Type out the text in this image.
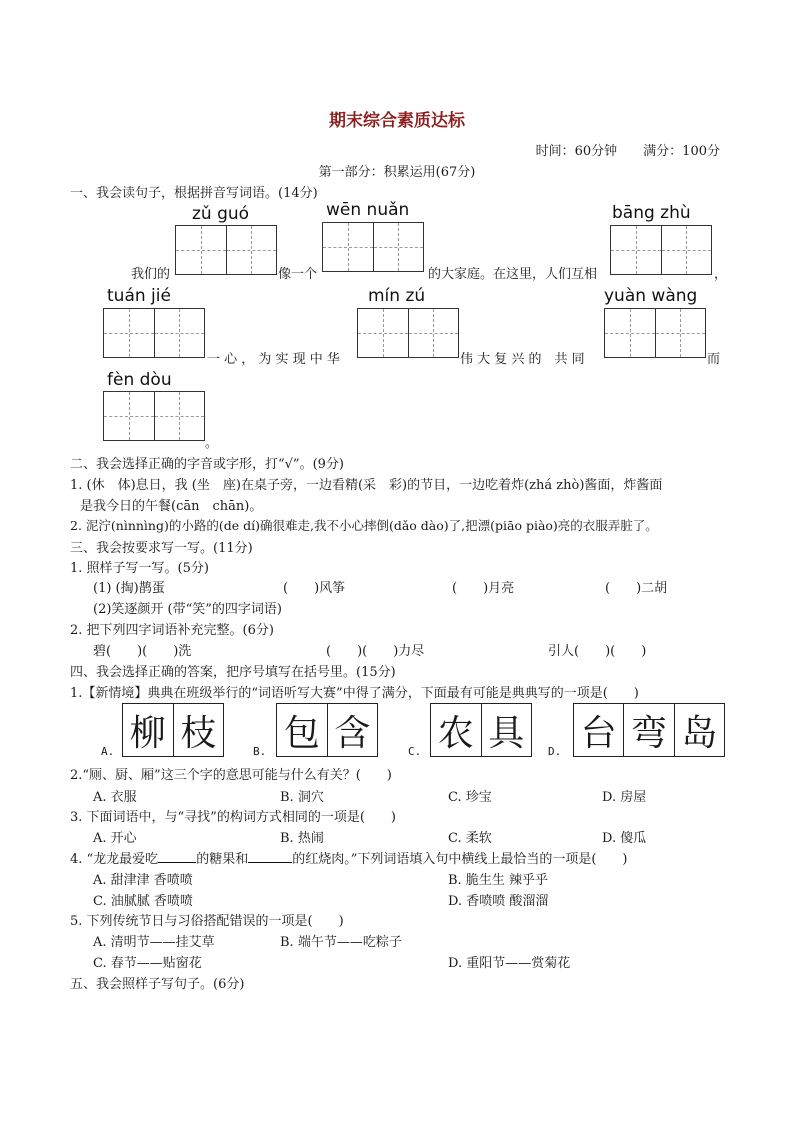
期末综合素质达标
时间：60分钟　　满分：100分
第一部分：积累运用(67分)
一、我会读句子，根据拼音写词语。(14分)
zǔ guó	wēn nuǎn	bāng zhù
我们的	像一个	的大家庭。在这里，人们互相	，
tuán jié	mín zú	yuàn wàng
一 心 ， 为 实 现 中 华	伟 大 复 兴 的　共 同	而
fèn dòu
。
二、我会选择正确的字音或字形，打“√”。(9分)
1. (休　体)息日，我 (坐　座)在桌子旁，一边看精(采　彩)的节目，一边吃着炸(zhá zhò)酱面，炸酱面
是我今日的午餐(cān　chān)。
2. 泥泞(nìnnìng)的小路的(de dí)确很难走,我不小心摔倒(dǎo dào)了,把漂(piāo piào)亮的衣服弄脏了。
三、我会按要求写一写。(11分)
1. 照样子写一写。(5分)
(1) (掏)鹊蛋	(　　)风筝	(　　)月亮	(　　)二胡
(2)笑逐颜开 (带“笑”的四字词语)
2. 把下列四字词语补充完整。(6分)
碧(　　)(　　)洗	(　　)(　　)力尽	引人(　　)(　　)
四、我会选择正确的答案，把序号填写在括号里。(15分)
1.【新情境】典典在班级举行的“词语听写大赛”中得了满分，下面最有可能是典典写的一项是(　　)
A. 柳 枝	B. 包 含	C. 农 具	D. 台 弯 岛
2.“厕、厨、厢”这三个字的意思可能与什么有关？(　　)
A. 衣服	B. 洞穴	C. 珍宝	D. 房屋
3. 下面词语中，与“寻找”的构词方式相同的一项是(　　)
A. 开心	B. 热闹	C. 柔软	D. 傻瓜
4. “龙龙最爱吃	的糖果和	的红烧肉。”下列词语填入句中横线上最恰当的一项是(　　)
A. 甜津津 香喷喷	B. 脆生生 辣乎乎
C. 油腻腻 香喷喷	D. 香喷喷 酸溜溜
5. 下列传统节日与习俗搭配错误的一项是(　　)
A. 清明节——挂艾草	B. 端午节——吃粽子
C. 春节——贴窗花	D. 重阳节——赏菊花
五、我会照样子写句子。(6分)
